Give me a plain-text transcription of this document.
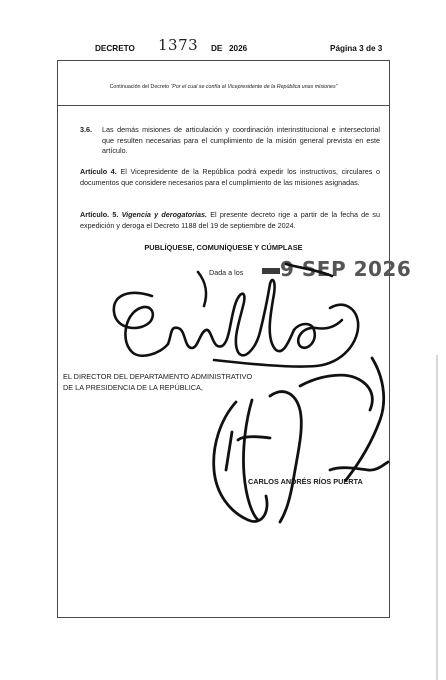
DECRETO 1373 DE 2026	Página 3 de 3
Continuación del Decreto “Por el cual se confía al Vicepresidente de la República unas misiones”
3.6.	Las demás misiones de articulación y coordinación interinstitucional e intersectorial que resulten necesarias para el cumplimiento de la misión general prevista en este artículo.
Artículo 4. El Vicepresidente de la República podrá expedir los instructivos, circulares o documentos que considere necesarios para el cumplimiento de las misiones asignadas.
Artículo. 5. Vigencia y derogatorias. El presente decreto rige a partir de la fecha de su expedición y deroga el Decreto 1188 del 19 de septiembre de 2024.
PUBLÍQUESE, COMUNÍQUESE Y CÚMPLASE
Dada a los 9 SEP 2026
EL DIRECTOR DEL DEPARTAMENTO ADMINISTRATIVO
DE LA PRESIDENCIA DE LA REPÚBLICA,
CARLOS ANDRÉS RÍOS PUERTA
